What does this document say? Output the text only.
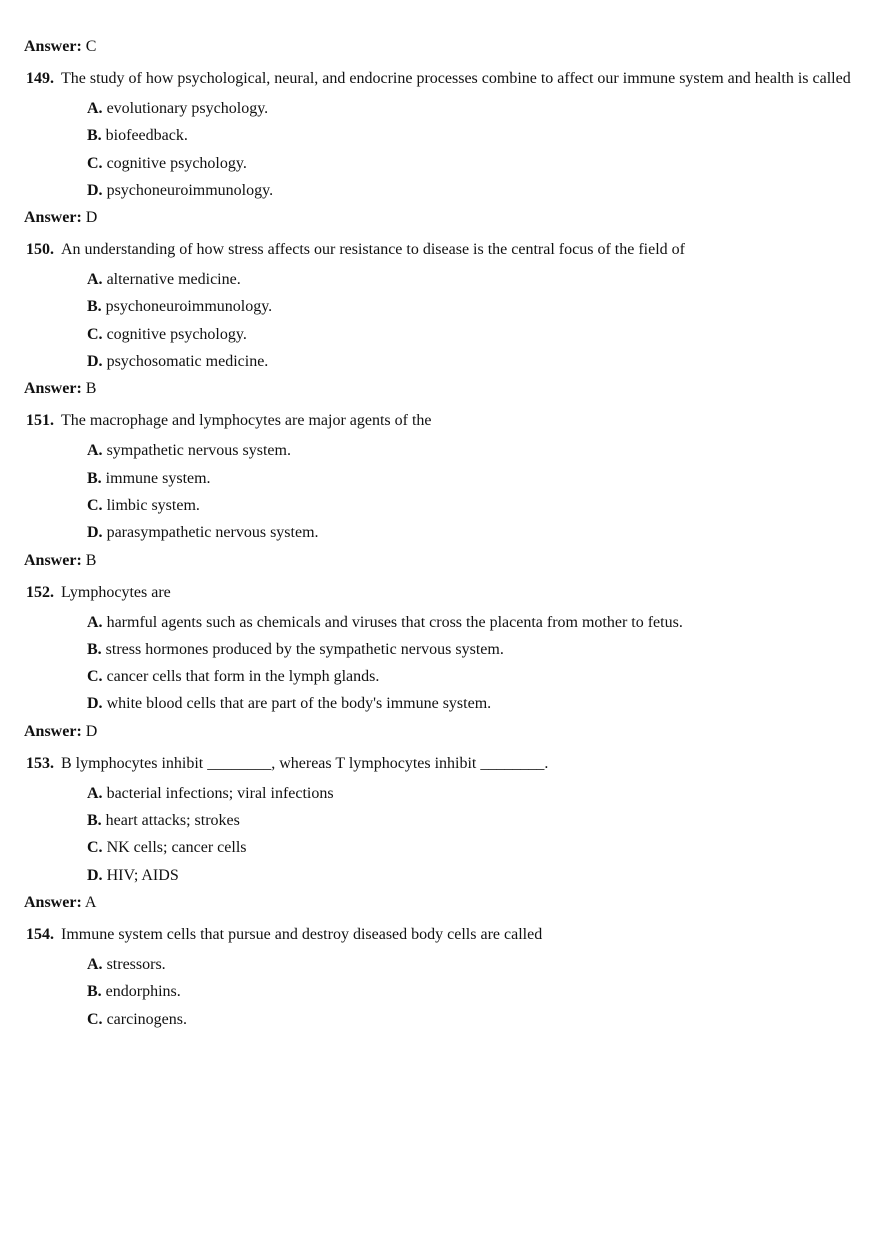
Answer: C
149. The study of how psychological, neural, and endocrine processes combine to affect our immune system and health is called
A. evolutionary psychology.
B. biofeedback.
C. cognitive psychology.
D. psychoneuroimmunology.
Answer: D
150. An understanding of how stress affects our resistance to disease is the central focus of the field of
A. alternative medicine.
B. psychoneuroimmunology.
C. cognitive psychology.
D. psychosomatic medicine.
Answer: B
151. The macrophage and lymphocytes are major agents of the
A. sympathetic nervous system.
B. immune system.
C. limbic system.
D. parasympathetic nervous system.
Answer: B
152. Lymphocytes are
A. harmful agents such as chemicals and viruses that cross the placenta from mother to fetus.
B. stress hormones produced by the sympathetic nervous system.
C. cancer cells that form in the lymph glands.
D. white blood cells that are part of the body's immune system.
Answer: D
153. B lymphocytes inhibit ________, whereas T lymphocytes inhibit ________.
A. bacterial infections; viral infections
B. heart attacks; strokes
C. NK cells; cancer cells
D. HIV; AIDS
Answer: A
154. Immune system cells that pursue and destroy diseased body cells are called
A. stressors.
B. endorphins.
C. carcinogens.
